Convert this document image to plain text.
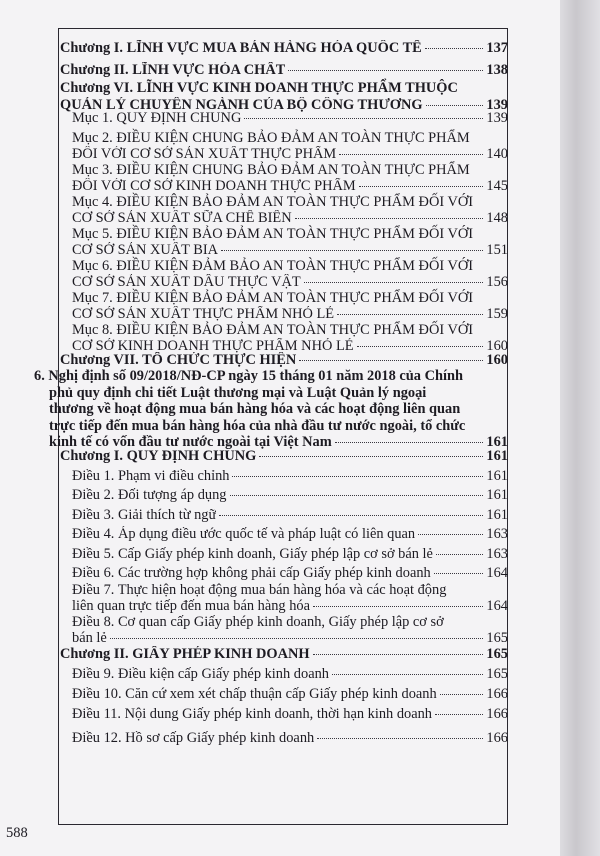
Chương I. LĨNH VỰC MUA BÁN HÀNG HÓA QUỐC TẾ	137
Chương II. LĨNH VỰC HÓA CHẤT	138
Chương VI. LĨNH VỰC KINH DOANH THỰC PHẨM THUỘC
QUẢN LÝ CHUYÊN NGÀNH CỦA BỘ CÔNG THƯƠNG	139
Mục 1. QUY ĐỊNH CHUNG	139
Mục 2. ĐIỀU KIỆN CHUNG BẢO ĐẢM AN TOÀN THỰC PHẨM
ĐỐI VỚI CƠ SỞ SẢN XUẤT THỰC PHẨM	140
Mục 3. ĐIỀU KIỆN CHUNG BẢO ĐẢM AN TOÀN THỰC PHẨM
ĐỐI VỚI CƠ SỞ KINH DOANH THỰC PHẨM	145
Mục 4. ĐIỀU KIỆN BẢO ĐẢM AN TOÀN THỰC PHẨM ĐỐI VỚI
CƠ SỞ SẢN XUẤT SỮA CHẾ BIẾN	148
Mục 5. ĐIỀU KIỆN BẢO ĐẢM AN TOÀN THỰC PHẨM ĐỐI VỚI
CƠ SỞ SẢN XUẤT BIA	151
Mục 6. ĐIỀU KIỆN ĐẢM BẢO AN TOÀN THỰC PHẨM ĐỐI VỚI
CƠ SỞ SẢN XUẤT DẦU THỰC VẬT	156
Mục 7. ĐIỀU KIỆN BẢO ĐẢM AN TOÀN THỰC PHẨM ĐỐI VỚI
CƠ SỞ SẢN XUẤT THỰC PHẨM NHỎ LẺ	159
Mục 8. ĐIỀU KIỆN BẢO ĐẢM AN TOÀN THỰC PHẨM ĐỐI VỚI
CƠ SỞ KINH DOANH THỰC PHẨM NHỎ LẺ	160
Chương VII. TỔ CHỨC THỰC HIỆN	160
6. Nghị định số 09/2018/NĐ-CP ngày 15 tháng 01 năm 2018 của Chính
phủ quy định chi tiết Luật thương mại và Luật Quản lý ngoại
thương về hoạt động mua bán hàng hóa và các hoạt động liên quan
trực tiếp đến mua bán hàng hóa của nhà đầu tư nước ngoài, tổ chức
kinh tế có vốn đầu tư nước ngoài tại Việt Nam	161
Chương I. QUY ĐỊNH CHUNG	161
Điều 1. Phạm vi điều chỉnh	161
Điều 2. Đối tượng áp dụng	161
Điều 3. Giải thích từ ngữ	161
Điều 4. Áp dụng điều ước quốc tế và pháp luật có liên quan	163
Điều 5. Cấp Giấy phép kinh doanh, Giấy phép lập cơ sở bán lẻ	163
Điều 6. Các trường hợp không phải cấp Giấy phép kinh doanh	164
Điều 7. Thực hiện hoạt động mua bán hàng hóa và các hoạt động
liên quan trực tiếp đến mua bán hàng hóa	164
Điều 8. Cơ quan cấp Giấy phép kinh doanh, Giấy phép lập cơ sở
bán lẻ	165
Chương II. GIẤY PHÉP KINH DOANH	165
Điều 9. Điều kiện cấp Giấy phép kinh doanh	165
Điều 10. Căn cứ xem xét chấp thuận cấp Giấy phép kinh doanh	166
Điều 11. Nội dung Giấy phép kinh doanh, thời hạn kinh doanh	166
Điều 12. Hồ sơ cấp Giấy phép kinh doanh	166
588
